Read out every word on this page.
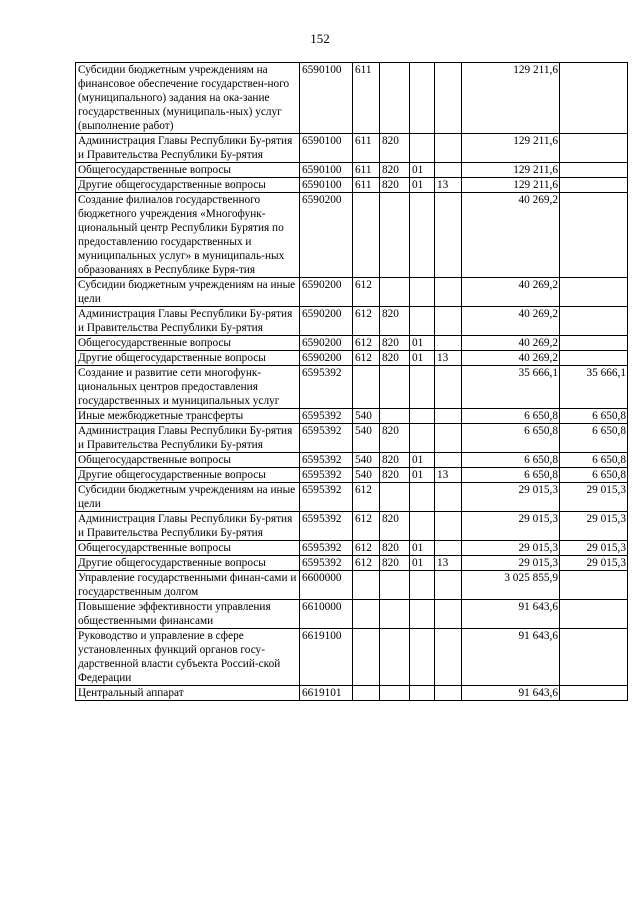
152
Субсидии бюджетным учреждениям на финансовое обеспечение государствен-ного (муниципального) задания на ока-зание государственных (муниципаль-ных) услуг (выполнение работ)	6590100	611				129 211,6	
Администрация Главы Республики Бу-рятия и Правительства Республики Бу-рятия	6590100	611	820			129 211,6	
Общегосударственные вопросы	6590100	611	820	01		129 211,6	
Другие общегосударственные вопросы	6590100	611	820	01	13	129 211,6	
Создание филиалов государственного бюджетного учреждения «Многофунк-циональный центр Республики Бурятия по предоставлению государственных и муниципальных услуг» в муниципаль-ных образованиях в Республике Буря-тия	6590200					40 269,2	
Субсидии бюджетным учреждениям на иные цели	6590200	612				40 269,2	
Администрация Главы Республики Бу-рятия и Правительства Республики Бу-рятия	6590200	612	820			40 269,2	
Общегосударственные вопросы	6590200	612	820	01		40 269,2	
Другие общегосударственные вопросы	6590200	612	820	01	13	40 269,2	
Создание и развитие сети многофунк-циональных центров предоставления государственных и муниципальных услуг	6595392					35 666,1	35 666,1
Иные межбюджетные трансферты	6595392	540				6 650,8	6 650,8
Администрация Главы Республики Бу-рятия и Правительства Республики Бу-рятия	6595392	540	820			6 650,8	6 650,8
Общегосударственные вопросы	6595392	540	820	01		6 650,8	6 650,8
Другие общегосударственные вопросы	6595392	540	820	01	13	6 650,8	6 650,8
Субсидии бюджетным учреждениям на иные цели	6595392	612				29 015,3	29 015,3
Администрация Главы Республики Бу-рятия и Правительства Республики Бу-рятия	6595392	612	820			29 015,3	29 015,3
Общегосударственные вопросы	6595392	612	820	01		29 015,3	29 015,3
Другие общегосударственные вопросы	6595392	612	820	01	13	29 015,3	29 015,3
Управление государственными финан-сами и государственным долгом	6600000					3 025 855,9	
Повышение эффективности управления общественными финансами	6610000					91 643,6	
Руководство и управление в сфере установленных функций органов госу-дарственной власти субъекта Россий-ской Федерации	6619100					91 643,6	
Центральный аппарат	6619101					91 643,6	
